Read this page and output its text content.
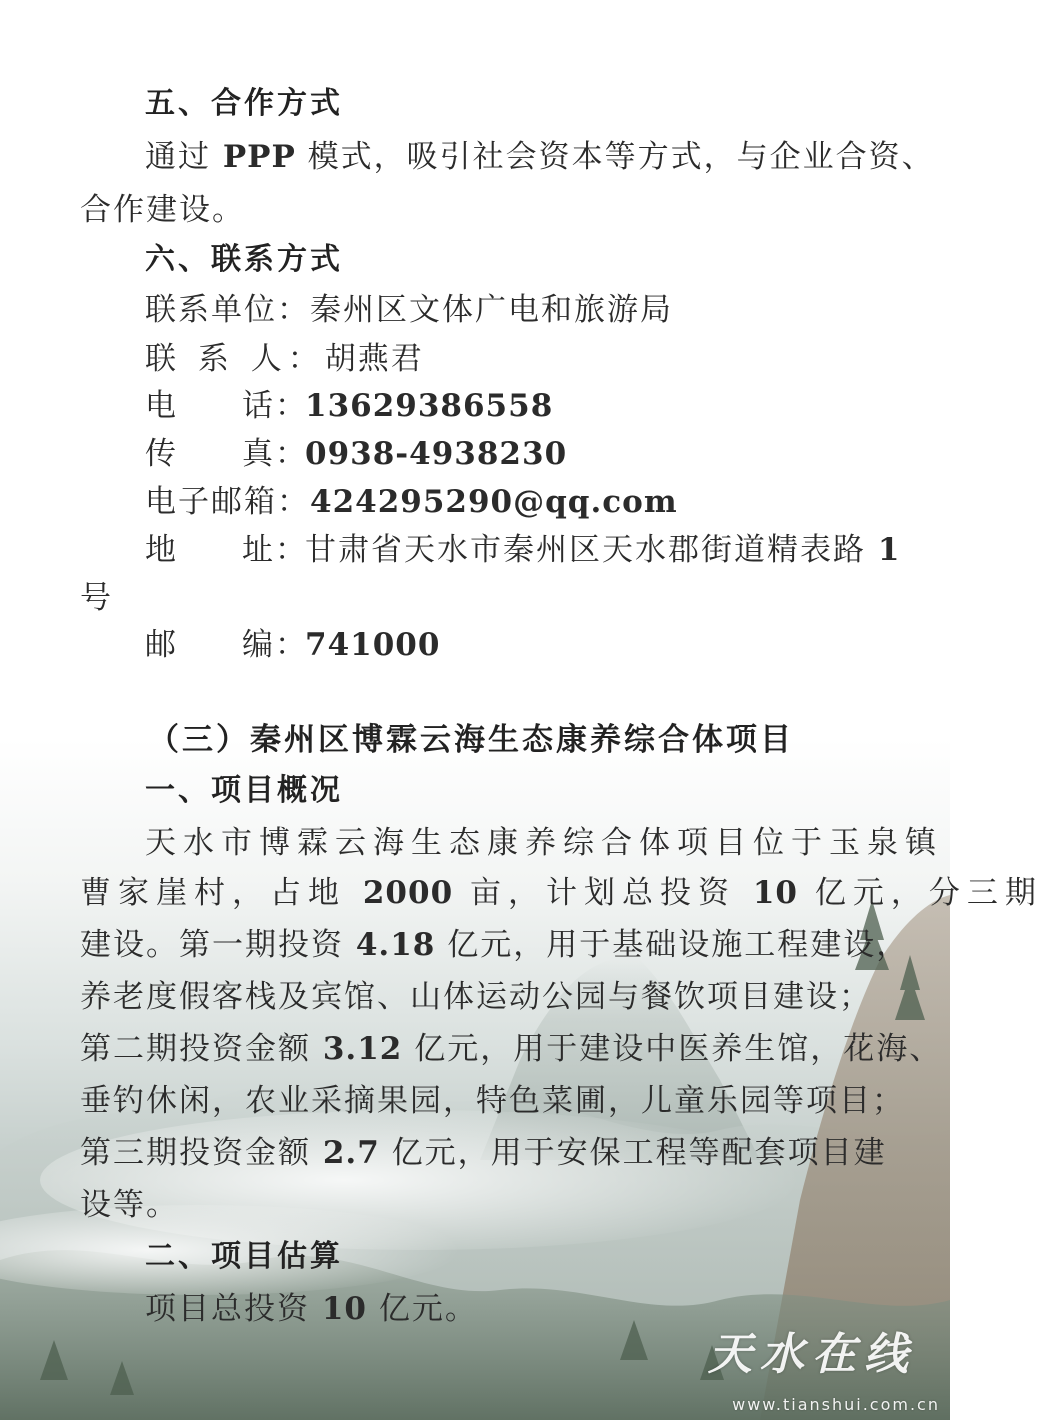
五、合作方式
通过 PPP 模式，吸引社会资本等方式，与企业合资、
合作建设。
六、联系方式
联系单位：秦州区文体广电和旅游局
联 系 人：胡燕君
电 话 ：
13629386558
传 真 ：
0938-4938230
电子邮箱：424295290@qq.com
地 址 ：
甘肃省天水市秦州区天水郡街道精表路 1
号
邮 编 ：
741000
（三）秦州区博霖云海生态康养综合体项目
一、项目概况
天水市博霖云海生态康养综合体项目位于玉泉镇
曹家崖村，占地 2000 亩，计划总投资 10 亿元，分三期
建设。第一期投资 4.18 亿元，用于基础设施工程建设，
养老度假客栈及宾馆、山体运动公园与餐饮项目建设；
第二期投资金额 3.12 亿元，用于建设中医养生馆，花海、
垂钓休闲，农业采摘果园，特色菜圃，儿童乐园等项目；
第三期投资金额 2.7 亿元，用于安保工程等配套项目建
设等。
二、项目估算
项目总投资 10 亿元。
天水在线
www.tianshui.com.cn
